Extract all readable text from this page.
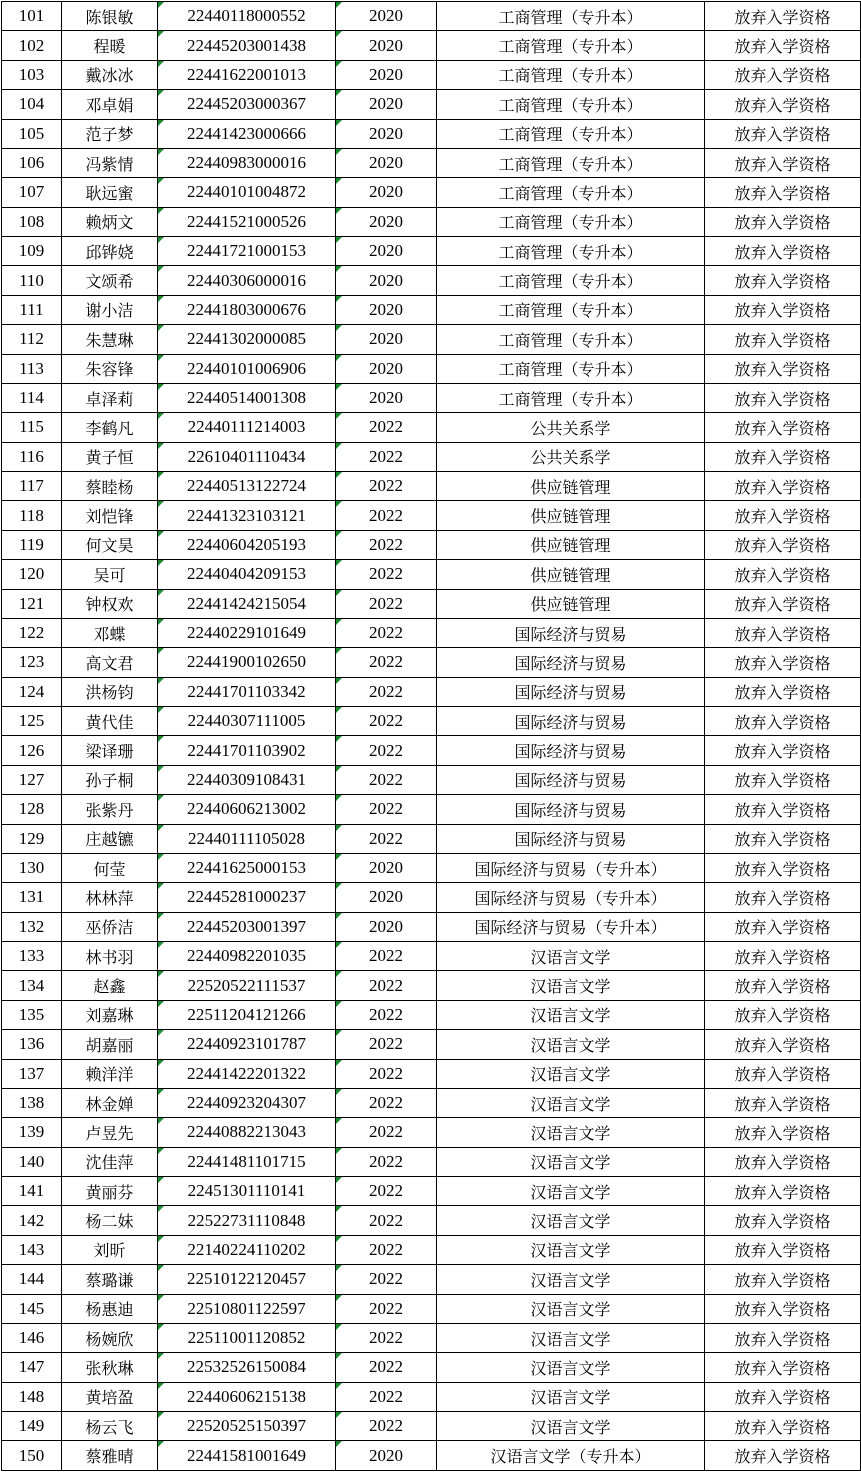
101	陈银敏	22440118000552	2020	工商管理（专升本）	放弃入学资格
102	程暖	22445203001438	2020	工商管理（专升本）	放弃入学资格
103	戴冰冰	22441622001013	2020	工商管理（专升本）	放弃入学资格
104	邓卓娟	22445203000367	2020	工商管理（专升本）	放弃入学资格
105	范子梦	22441423000666	2020	工商管理（专升本）	放弃入学资格
106	冯紫情	22440983000016	2020	工商管理（专升本）	放弃入学资格
107	耿远蜜	22440101004872	2020	工商管理（专升本）	放弃入学资格
108	赖炳文	22441521000526	2020	工商管理（专升本）	放弃入学资格
109	邱铧娆	22441721000153	2020	工商管理（专升本）	放弃入学资格
110	文颂希	22440306000016	2020	工商管理（专升本）	放弃入学资格
111	谢小洁	22441803000676	2020	工商管理（专升本）	放弃入学资格
112	朱慧琳	22441302000085	2020	工商管理（专升本）	放弃入学资格
113	朱容锋	22440101006906	2020	工商管理（专升本）	放弃入学资格
114	卓泽莉	22440514001308	2020	工商管理（专升本）	放弃入学资格
115	李鹤凡	22440111214003	2022	公共关系学	放弃入学资格
116	黄子恒	22610401110434	2022	公共关系学	放弃入学资格
117	蔡睦杨	22440513122724	2022	供应链管理	放弃入学资格
118	刘恺锋	22441323103121	2022	供应链管理	放弃入学资格
119	何文昊	22440604205193	2022	供应链管理	放弃入学资格
120	吴可	22440404209153	2022	供应链管理	放弃入学资格
121	钟权欢	22441424215054	2022	供应链管理	放弃入学资格
122	邓蝶	22440229101649	2022	国际经济与贸易	放弃入学资格
123	高文君	22441900102650	2022	国际经济与贸易	放弃入学资格
124	洪杨钧	22441701103342	2022	国际经济与贸易	放弃入学资格
125	黄代佳	22440307111005	2022	国际经济与贸易	放弃入学资格
126	梁译珊	22441701103902	2022	国际经济与贸易	放弃入学资格
127	孙子桐	22440309108431	2022	国际经济与贸易	放弃入学资格
128	张紫丹	22440606213002	2022	国际经济与贸易	放弃入学资格
129	庄越镳	22440111105028	2022	国际经济与贸易	放弃入学资格
130	何莹	22441625000153	2020	国际经济与贸易（专升本）	放弃入学资格
131	林林萍	22445281000237	2020	国际经济与贸易（专升本）	放弃入学资格
132	巫侨洁	22445203001397	2020	国际经济与贸易（专升本）	放弃入学资格
133	林书羽	22440982201035	2022	汉语言文学	放弃入学资格
134	赵鑫	22520522111537	2022	汉语言文学	放弃入学资格
135	刘嘉琳	22511204121266	2022	汉语言文学	放弃入学资格
136	胡嘉丽	22440923101787	2022	汉语言文学	放弃入学资格
137	赖洋洋	22441422201322	2022	汉语言文学	放弃入学资格
138	林金婵	22440923204307	2022	汉语言文学	放弃入学资格
139	卢昱先	22440882213043	2022	汉语言文学	放弃入学资格
140	沈佳萍	22441481101715	2022	汉语言文学	放弃入学资格
141	黄丽芬	22451301110141	2022	汉语言文学	放弃入学资格
142	杨二妹	22522731110848	2022	汉语言文学	放弃入学资格
143	刘昕	22140224110202	2022	汉语言文学	放弃入学资格
144	蔡璐谦	22510122120457	2022	汉语言文学	放弃入学资格
145	杨惠迪	22510801122597	2022	汉语言文学	放弃入学资格
146	杨婉欣	22511001120852	2022	汉语言文学	放弃入学资格
147	张秋琳	22532526150084	2022	汉语言文学	放弃入学资格
148	黄培盈	22440606215138	2022	汉语言文学	放弃入学资格
149	杨云飞	22520525150397	2022	汉语言文学	放弃入学资格
150	蔡雅晴	22441581001649	2020	汉语言文学（专升本）	放弃入学资格
